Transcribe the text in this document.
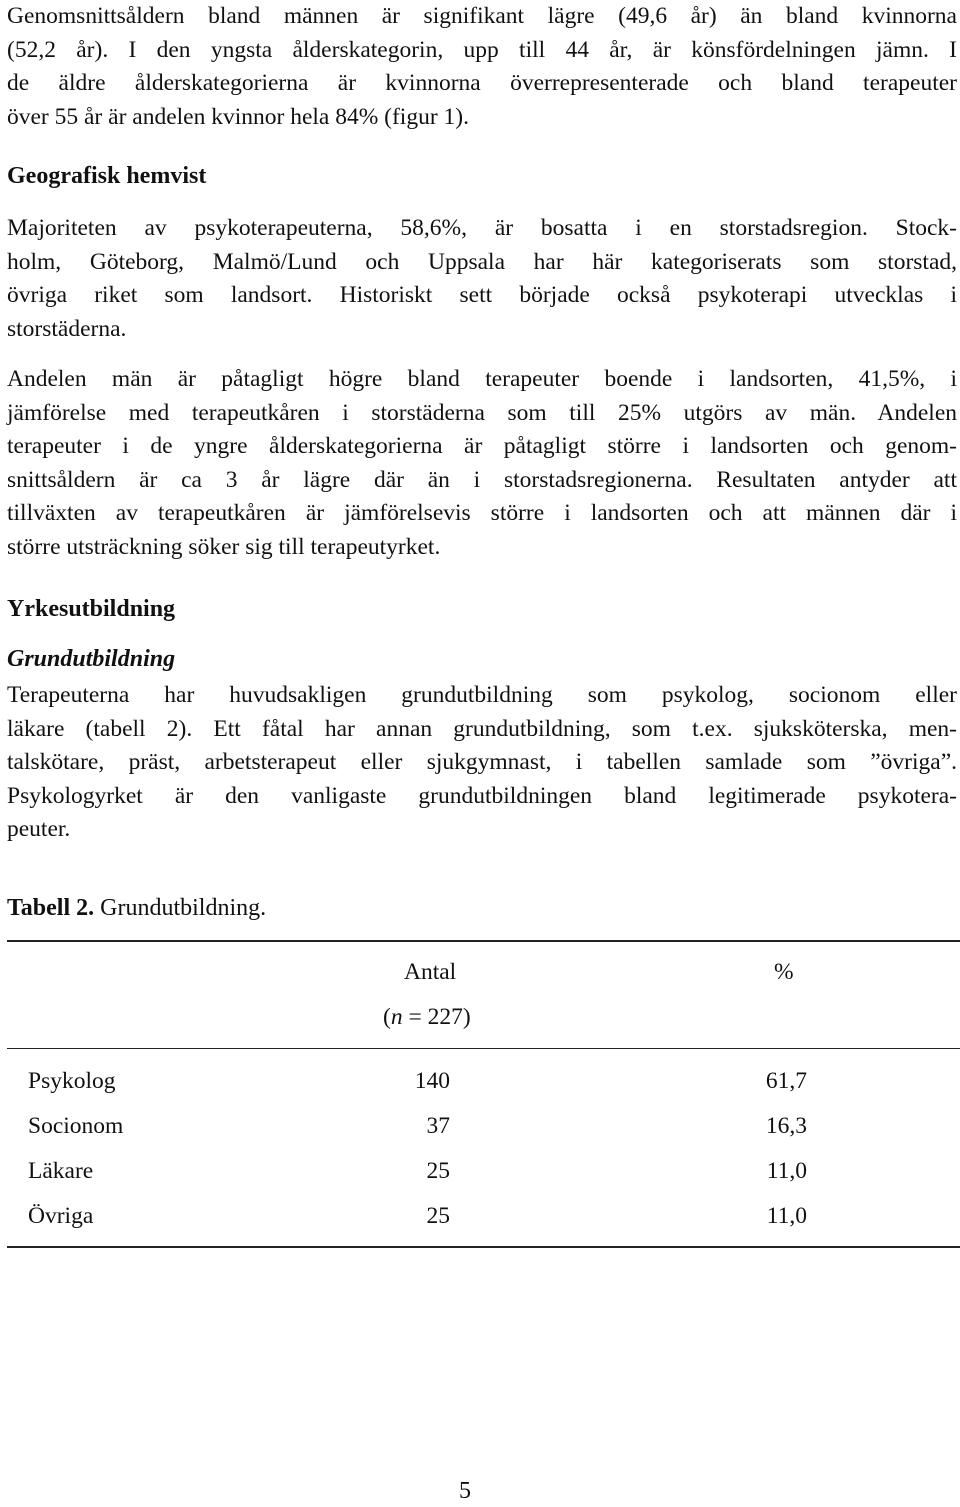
Genomsnittsåldern bland männen är signifikant lägre (49,6 år) än bland kvinnorna
(52,2 år). I den yngsta ålderskategorin, upp till 44 år, är könsfördelningen jämn. I
de äldre ålderskategorierna är kvinnorna överrepresenterade och bland terapeuter
över 55 år är andelen kvinnor hela 84% (figur 1).
Geografisk hemvist
Majoriteten av psykoterapeuterna, 58,6%, är bosatta i en storstadsregion. Stock-
holm, Göteborg, Malmö/Lund och Uppsala har här kategoriserats som storstad,
övriga riket som landsort. Historiskt sett började också psykoterapi utvecklas i
storstäderna.
Andelen män är påtagligt högre bland terapeuter boende i landsorten, 41,5%, i
jämförelse med terapeutkåren i storstäderna som till 25% utgörs av män. Andelen
terapeuter i de yngre ålderskategorierna är påtagligt större i landsorten och genom-
snittsåldern är ca 3 år lägre där än i storstadsregionerna. Resultaten antyder att
tillväxten av terapeutkåren är jämförelsevis större i landsorten och att männen där i
större utsträckning söker sig till terapeutyrket.
Yrkesutbildning
Grundutbildning
Terapeuterna har huvudsakligen grundutbildning som psykolog, socionom eller
läkare (tabell 2). Ett fåtal har annan grundutbildning, som t.ex. sjuksköterska, men-
talskötare, präst, arbetsterapeut eller sjukgymnast, i tabellen samlade som ”övriga”.
Psykologyrket är den vanligaste grundutbildningen bland legitimerade psykotera-
peuter.
Tabell 2. Grundutbildning.
Antal	%
(n = 227)
Psykolog	140	61,7
Socionom	37	16,3
Läkare	25	11,0
Övriga	25	11,0
5
